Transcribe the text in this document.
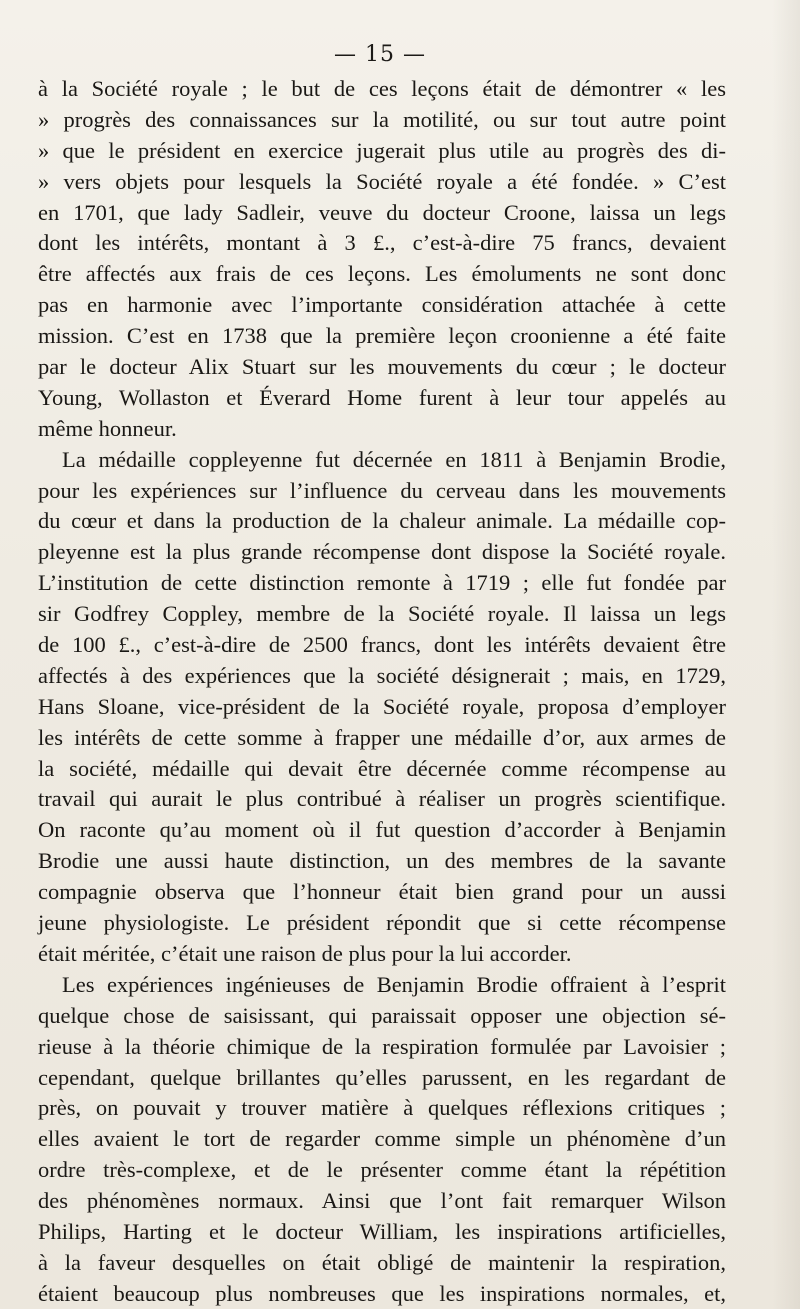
— 15 —
à la Société royale ; le but de ces leçons était de démontrer « les
» progrès des connaissances sur la motilité, ou sur tout autre point
» que le président en exercice jugerait plus utile au progrès des di-
» vers objets pour lesquels la Société royale a été fondée. » C’est
en 1701, que lady Sadleir, veuve du docteur Croone, laissa un legs
dont les intérêts, montant à 3 £., c’est-à-dire 75 francs, devaient
être affectés aux frais de ces leçons. Les émoluments ne sont donc
pas en harmonie avec l’importante considération attachée à cette
mission. C’est en 1738 que la première leçon croonienne a été faite
par le docteur Alix Stuart sur les mouvements du cœur ; le docteur
Young, Wollaston et Éverard Home furent à leur tour appelés au
même honneur.
La médaille coppleyenne fut décernée en 1811 à Benjamin Brodie,
pour les expériences sur l’influence du cerveau dans les mouvements
du cœur et dans la production de la chaleur animale. La médaille cop-
pleyenne est la plus grande récompense dont dispose la Société royale.
L’institution de cette distinction remonte à 1719 ; elle fut fondée par
sir Godfrey Coppley, membre de la Société royale. Il laissa un legs
de 100 £., c’est-à-dire de 2500 francs, dont les intérêts devaient être
affectés à des expériences que la société désignerait ; mais, en 1729,
Hans Sloane, vice-président de la Société royale, proposa d’employer
les intérêts de cette somme à frapper une médaille d’or, aux armes de
la société, médaille qui devait être décernée comme récompense au
travail qui aurait le plus contribué à réaliser un progrès scientifique.
On raconte qu’au moment où il fut question d’accorder à Benjamin
Brodie une aussi haute distinction, un des membres de la savante
compagnie observa que l’honneur était bien grand pour un aussi
jeune physiologiste. Le président répondit que si cette récompense
était méritée, c’était une raison de plus pour la lui accorder.
Les expériences ingénieuses de Benjamin Brodie offraient à l’esprit
quelque chose de saisissant, qui paraissait opposer une objection sé-
rieuse à la théorie chimique de la respiration formulée par Lavoisier ;
cependant, quelque brillantes qu’elles parussent, en les regardant de
près, on pouvait y trouver matière à quelques réflexions critiques ;
elles avaient le tort de regarder comme simple un phénomène d’un
ordre très-complexe, et de le présenter comme étant la répétition
des phénomènes normaux. Ainsi que l’ont fait remarquer Wilson
Philips, Harting et le docteur William, les inspirations artificielles,
à la faveur desquelles on était obligé de maintenir la respiration,
étaient beaucoup plus nombreuses que les inspirations normales, et,
